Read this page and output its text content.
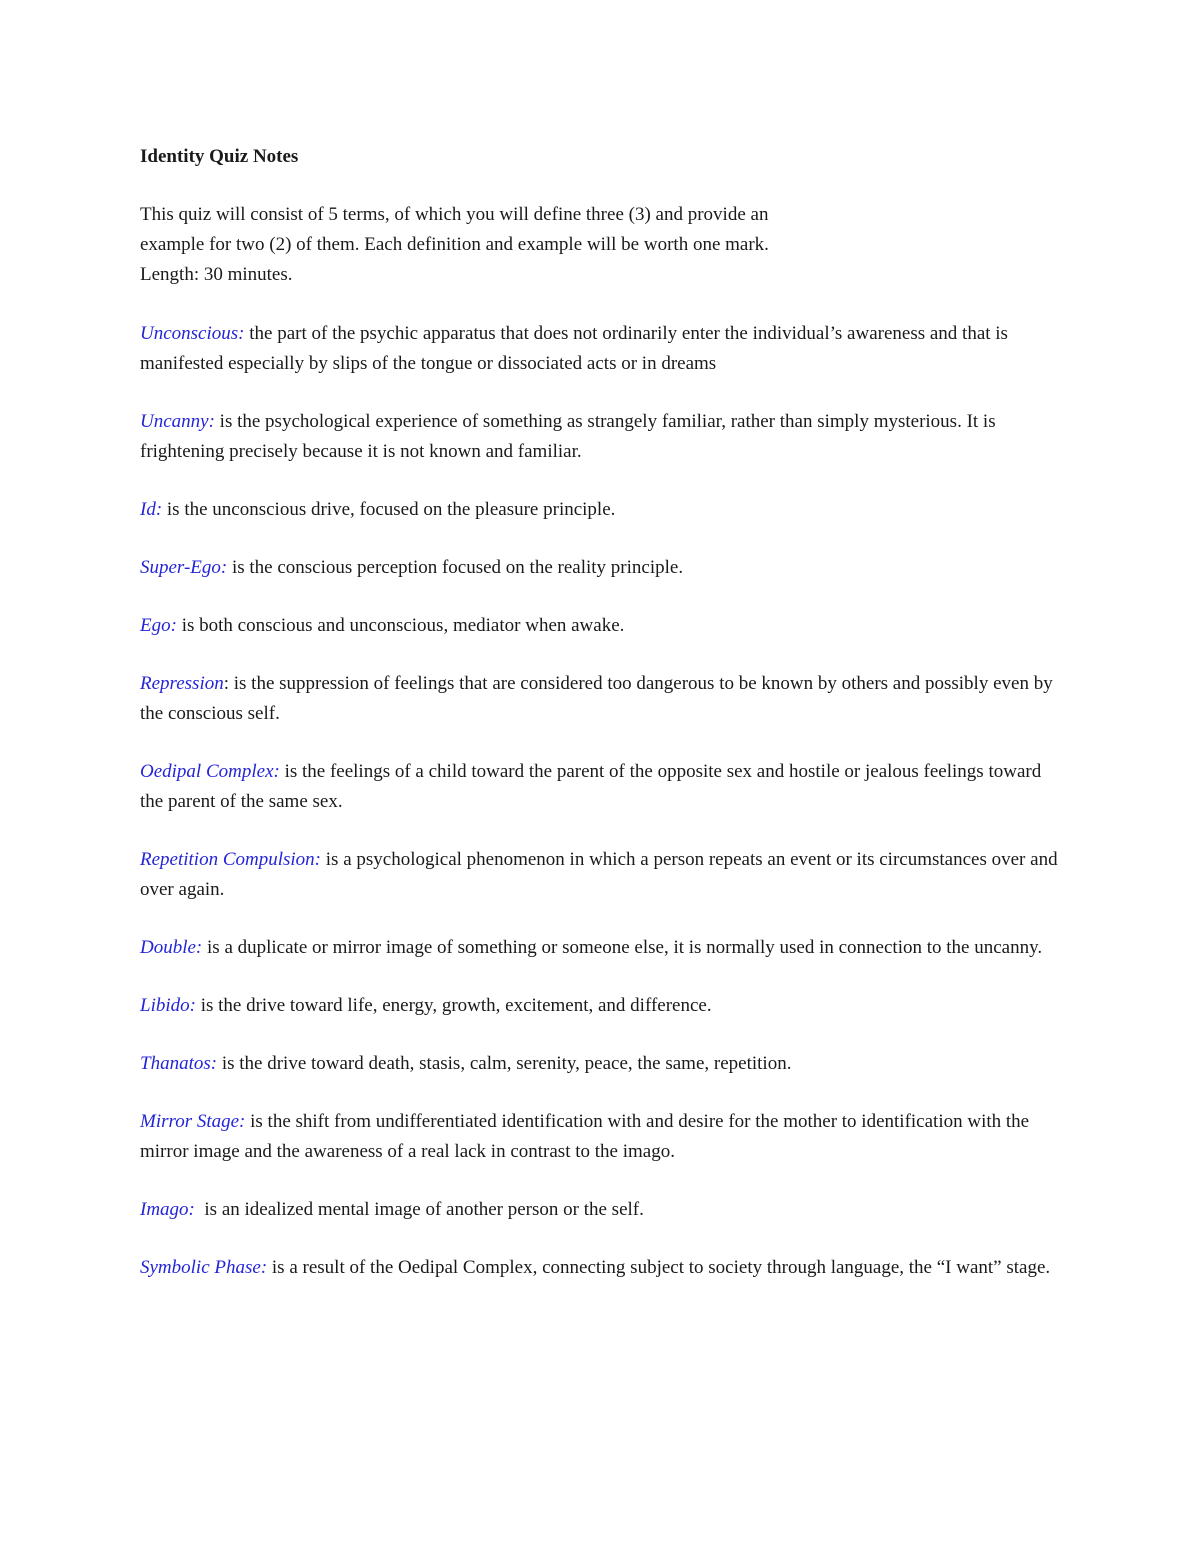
Identity Quiz Notes

This quiz will consist of 5 terms, of which you will define three (3) and provide an
example for two (2) of them. Each definition and example will be worth one mark.
Length: 30 minutes.

Unconscious: the part of the psychic apparatus that does not ordinarily enter the individual’s awareness and that is manifested especially by slips of the tongue or dissociated acts or in dreams

Uncanny: is the psychological experience of something as strangely familiar, rather than simply mysterious. It is frightening precisely because it is not known and familiar.

Id: is the unconscious drive, focused on the pleasure principle.

Super-Ego: is the conscious perception focused on the reality principle.

Ego: is both conscious and unconscious, mediator when awake.

Repression: is the suppression of feelings that are considered too dangerous to be known by others and possibly even by the conscious self.

Oedipal Complex: is the feelings of a child toward the parent of the opposite sex and hostile or jealous feelings toward the parent of the same sex.

Repetition Compulsion: is a psychological phenomenon in which a person repeats an event or its circumstances over and over again.

Double: is a duplicate or mirror image of something or someone else, it is normally used in connection to the uncanny.

Libido: is the drive toward life, energy, growth, excitement, and difference.

Thanatos: is the drive toward death, stasis, calm, serenity, peace, the same, repetition.

Mirror Stage: is the shift from undifferentiated identification with and desire for the mother to identification with the mirror image and the awareness of a real lack in contrast to the imago.

Imago:  is an idealized mental image of another person or the self.

Symbolic Phase: is a result of the Oedipal Complex, connecting subject to society through language, the “I want” stage.
